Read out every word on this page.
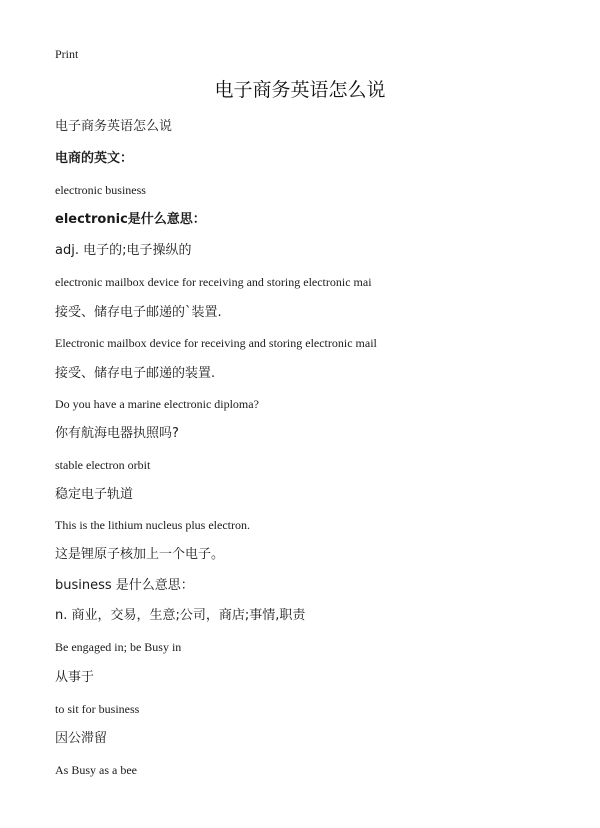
Print
电子商务英语怎么说
电子商务英语怎么说
电商的英文：
electronic business
electronic是什么意思：
adj. 电子的;电子操纵的
electronic mailbox device for receiving and storing electronic mai
接受、储存电子邮递的`装置.
Electronic mailbox device for receiving and storing electronic mail
接受、储存电子邮递的装置.
Do you have a marine electronic diploma?
你有航海电器执照吗?
stable electron orbit
稳定电子轨道
This is the lithium nucleus plus electron.
这是锂原子核加上一个电子。
business 是什么意思：
n. 商业，交易，生意;公司，商店;事情,职责
Be engaged in; be Busy in
从事于
to sit for business
因公滞留
As Busy as a bee
